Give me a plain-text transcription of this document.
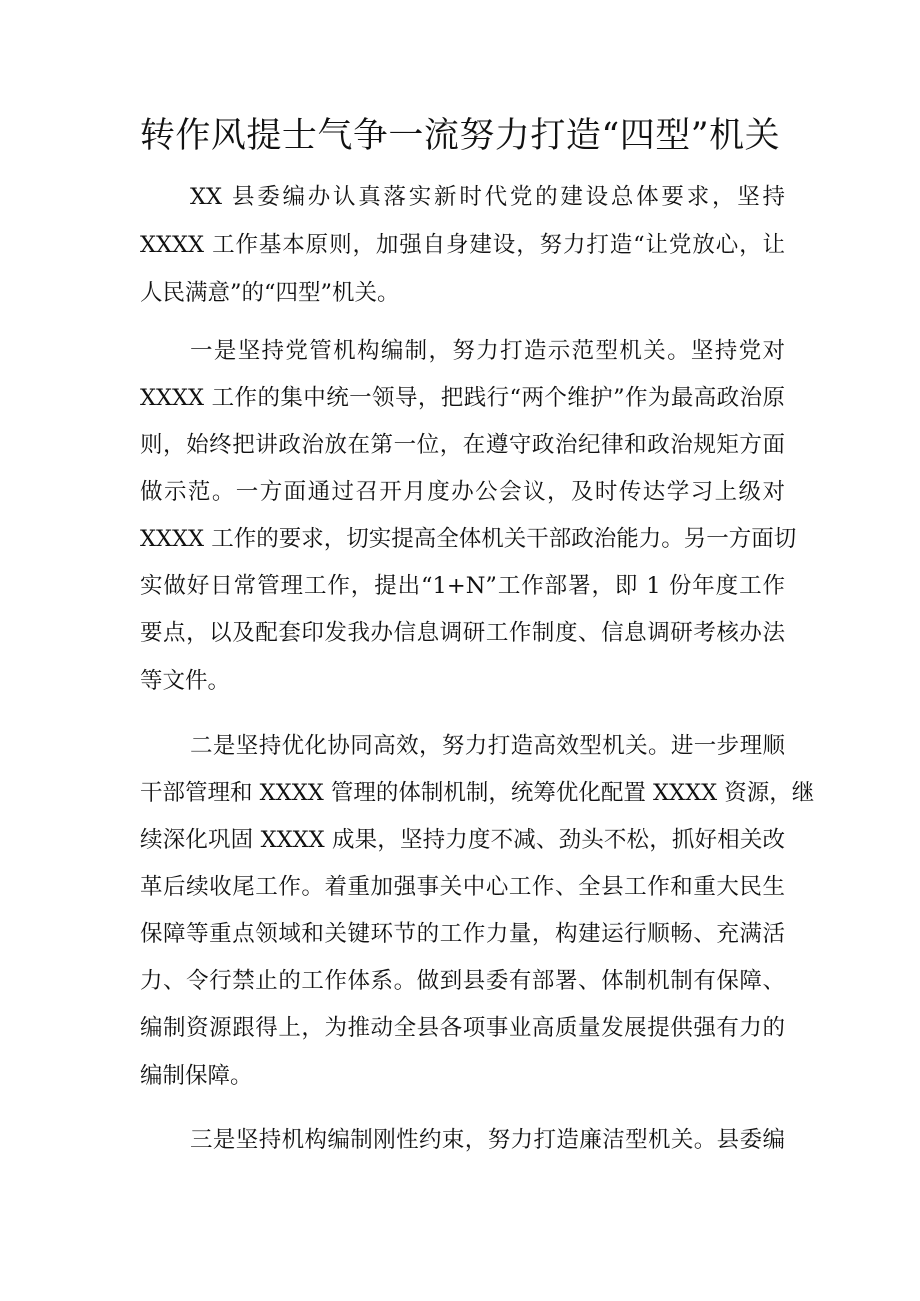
转作风提士气争一流努力打造“四型”机关
XX 县委编办认真落实新时代党的建设总体要求，坚持
XXXX 工作基本原则，加强自身建设，努力打造“让党放心，让
人民满意”的“四型”机关。
一是坚持党管机构编制，努力打造示范型机关。坚持党对
XXXX 工作的集中统一领导，把践行“两个维护”作为最高政治原
则，始终把讲政治放在第一位，在遵守政治纪律和政治规矩方面
做示范。一方面通过召开月度办公会议，及时传达学习上级对
XXXX 工作的要求，切实提高全体机关干部政治能力。另一方面切
实做好日常管理工作，提出“1+N”工作部署，即 1 份年度工作
要点，以及配套印发我办信息调研工作制度、信息调研考核办法
等文件。
二是坚持优化协同高效，努力打造高效型机关。进一步理顺
干部管理和 XXXX 管理的体制机制，统筹优化配置 XXXX 资源，继
续深化巩固 XXXX 成果，坚持力度不减、劲头不松，抓好相关改
革后续收尾工作。着重加强事关中心工作、全县工作和重大民生
保障等重点领域和关键环节的工作力量，构建运行顺畅、充满活
力、令行禁止的工作体系。做到县委有部署、体制机制有保障、
编制资源跟得上，为推动全县各项事业高质量发展提供强有力的
编制保障。
三是坚持机构编制刚性约束，努力打造廉洁型机关。县委编
